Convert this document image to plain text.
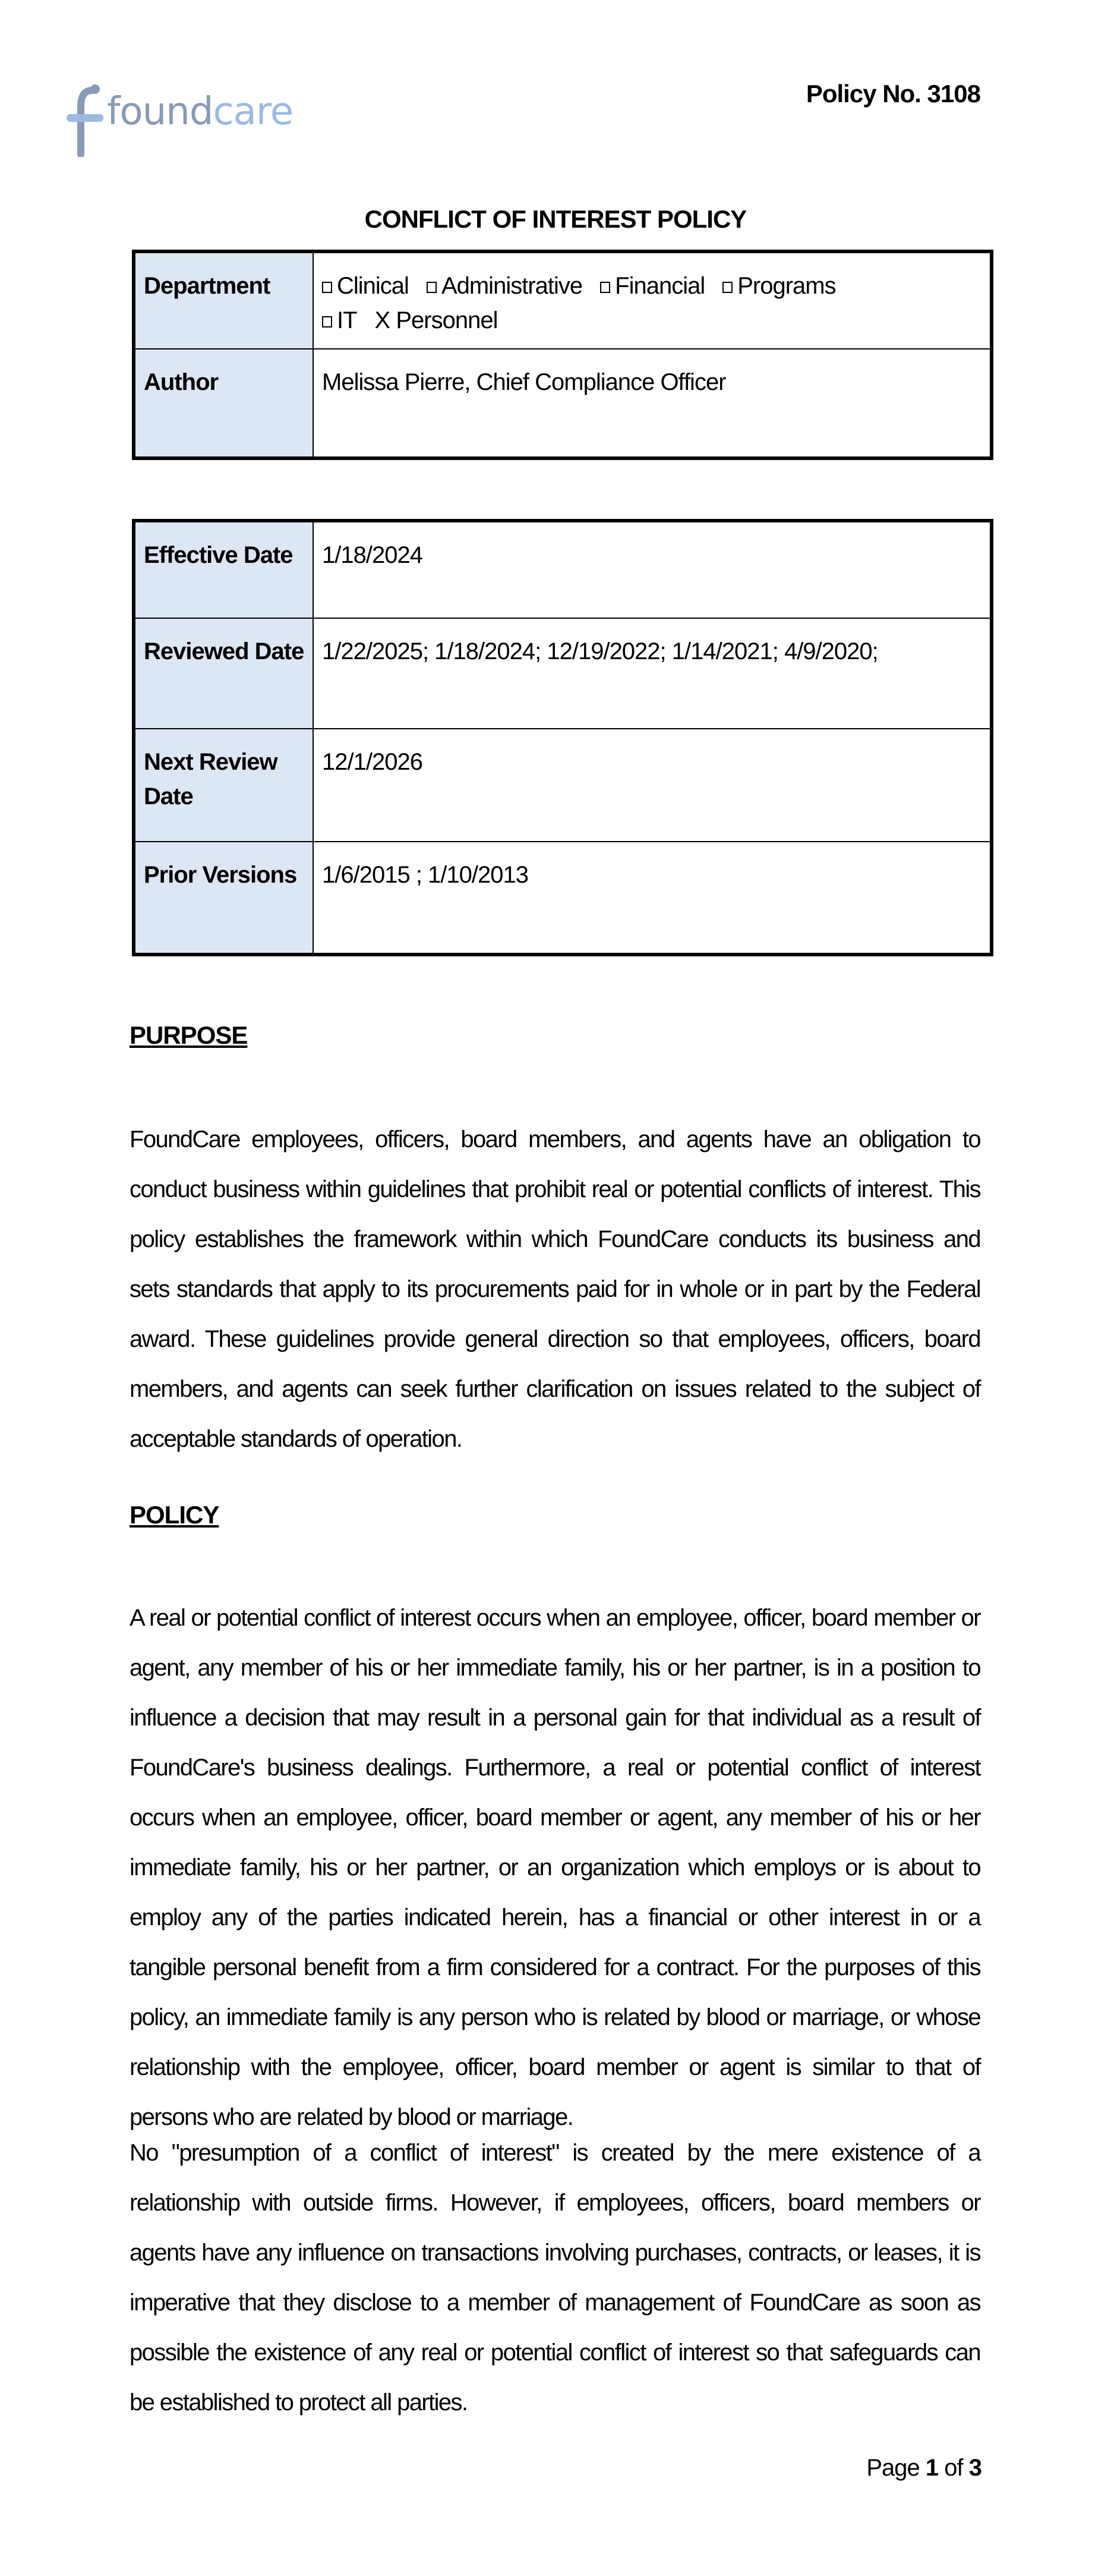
foundcare	Policy No. 3108
CONFLICT OF INTEREST POLICY
Department	Clinical Administrative Financial ProgramsIT X Personnel
Author	Melissa Pierre, Chief Compliance Officer
Effective Date	1/18/2024
Reviewed Date	1/22/2025; 1/18/2024; 12/19/2022; 1/14/2021; 4/9/2020;
Next Review Date	12/1/2026
Prior Versions	1/6/2015 ; 1/10/2013
PURPOSE

FoundCare employees, officers, board members, and agents have an obligation to conduct business within guidelines that prohibit real or potential conflicts of interest. This policy establishes the framework within which FoundCare conducts its business and sets standards that apply to its procurements paid for in whole or in part by the Federal award. These guidelines provide general direction so that employees, officers, board members, and agents can seek further clarification on issues related to the subject of acceptable standards of operation.

POLICY

A real or potential conflict of interest occurs when an employee, officer, board member or agent, any member of his or her immediate family, his or her partner, is in a position to influence a decision that may result in a personal gain for that individual as a result of FoundCare's business dealings. Furthermore, a real or potential conflict of interest occurs when an employee, officer, board member or agent, any member of his or her immediate family, his or her partner, or an organization which employs or is about to employ any of the parties indicated herein, has a financial or other interest in or a tangible personal benefit from a firm considered for a contract. For the purposes of this policy, an immediate family is any person who is related by blood or marriage, or whose relationship with the employee, officer, board member or agent is similar to that of persons who are related by blood or marriage.

No "presumption of a conflict of interest" is created by the mere existence of a relationship with outside firms. However, if employees, officers, board members or agents have any influence on transactions involving purchases, contracts, or leases, it is imperative that they disclose to a member of management of FoundCare as soon as possible the existence of any real or potential conflict of interest so that safeguards can be established to protect all parties.

Page 1 of 3
